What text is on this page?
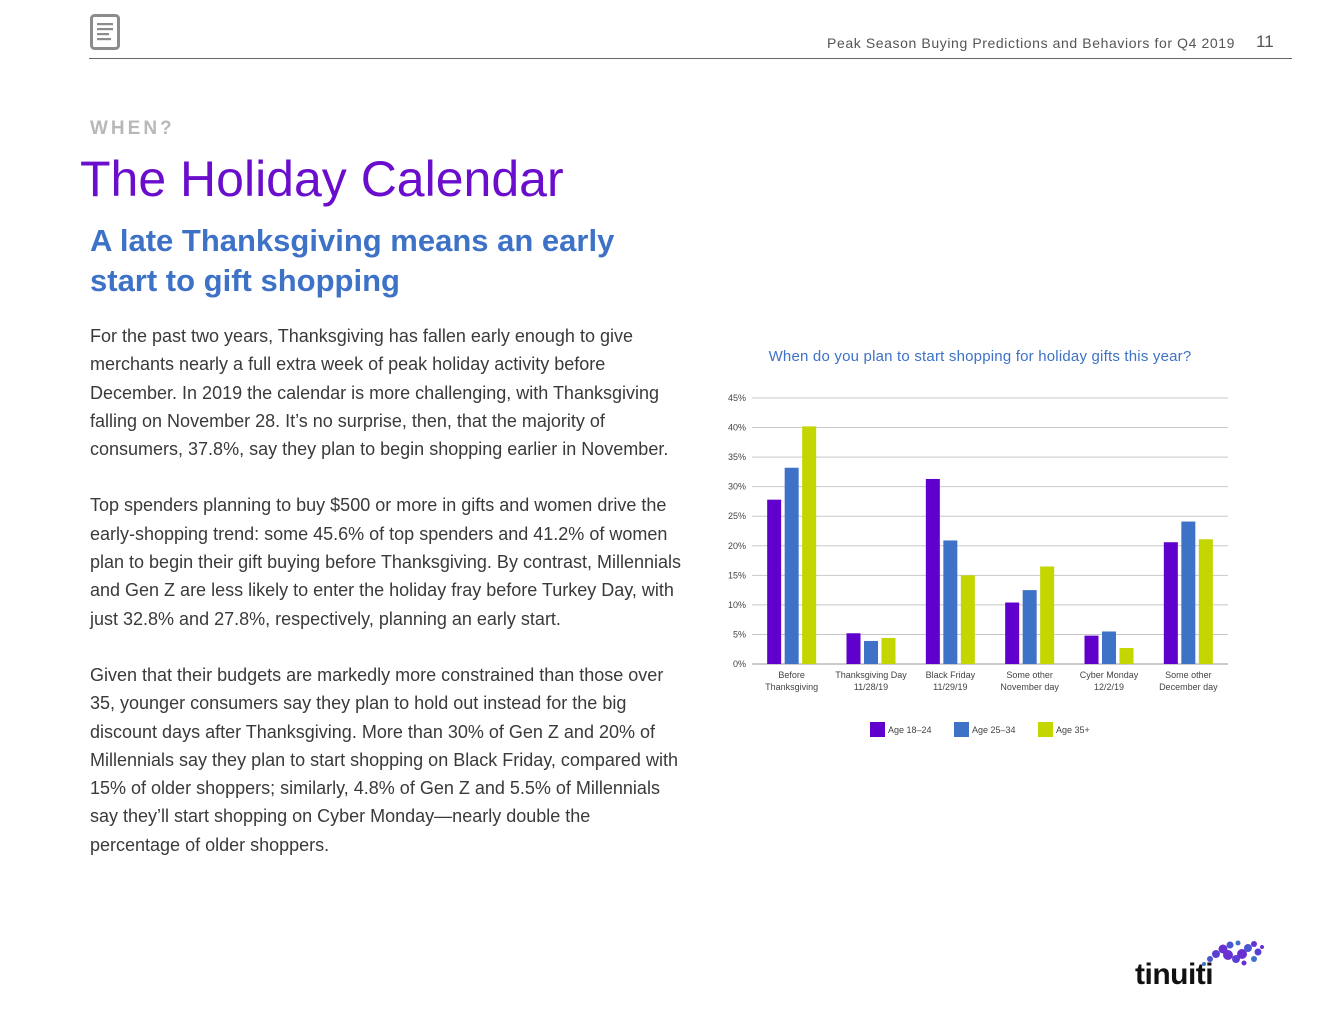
Peak Season Buying Predictions and Behaviors for Q4 2019 11
WHEN?
The Holiday Calendar
A late Thanksgiving means an early start to gift shopping

For the past two years, Thanksgiving has fallen early enough to give merchants nearly a full extra week of peak holiday activity before December. In 2019 the calendar is more challenging, with Thanksgiving falling on November 28. It’s no surprise, then, that the majority of consumers, 37.8%, say they plan to begin shopping earlier in November.

Top spenders planning to buy $500 or more in gifts and women drive the early-shopping trend: some 45.6% of top spenders and 41.2% of women plan to begin their gift buying before Thanksgiving. By contrast, Millennials and Gen Z are less likely to enter the holiday fray before Turkey Day, with just 32.8% and 27.8%, respectively, planning an early start.

Given that their budgets are markedly more constrained than those over 35, younger consumers say they plan to hold out instead for the big discount days after Thanksgiving. More than 30% of Gen Z and 20% of Millennials say they plan to start shopping on Black Friday, compared with 15% of older shoppers; similarly, 4.8% of Gen Z and 5.5% of Millennials say they’ll start shopping on Cyber Monday—nearly double the percentage of older shoppers.

When do you plan to start shopping for holiday gifts this year?
0%
5%
10%
15%
20%
25%
30%
35%
40%
45%
Before
Thanksgiving
Thanksgiving Day
11/28/19
Black Friday
11/29/19
Some other
November day
Cyber Monday
12/2/19
Some other
December day
Age 18–24	Age 25–34	Age 35+
tinuiti
